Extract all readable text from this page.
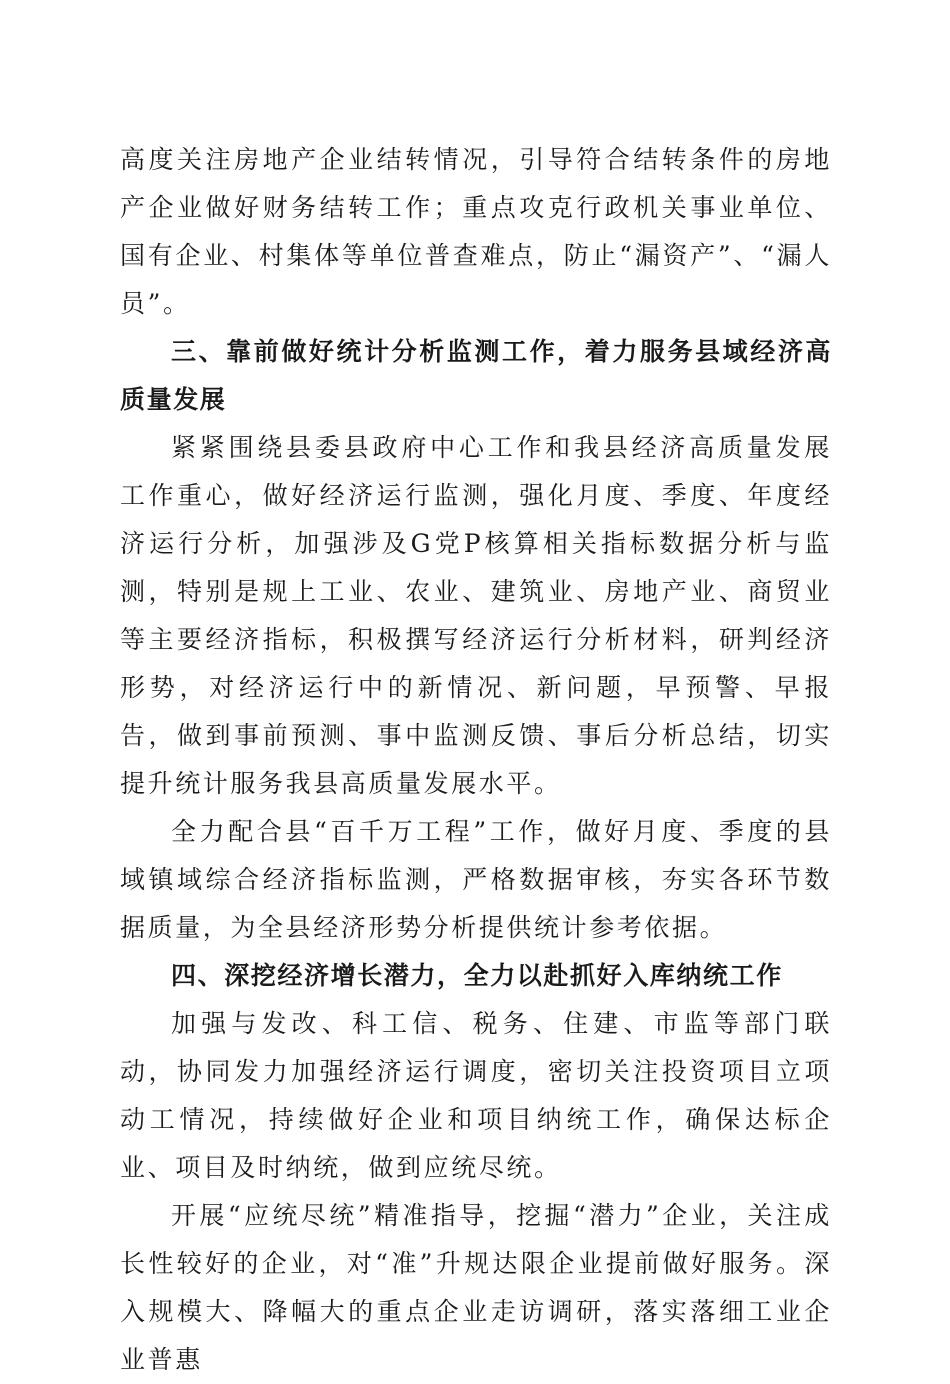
高度关注房地产企业结转情况，引导符合结转条件的房地产企业做好财务结转工作；重点攻克行政机关事业单位、国有企业、村集体等单位普查难点，防止“漏资产”、“漏人员”。

三、靠前做好统计分析监测工作，着力服务县域经济高质量发展

紧紧围绕县委县政府中心工作和我县经济高质量发展工作重心，做好经济运行监测，强化月度、季度、年度经济运行分析，加强涉及G党P核算相关指标数据分析与监测，特别是规上工业、农业、建筑业、房地产业、商贸业等主要经济指标，积极撰写经济运行分析材料，研判经济形势，对经济运行中的新情况、新问题，早预警、早报告，做到事前预测、事中监测反馈、事后分析总结，切实提升统计服务我县高质量发展水平。

全力配合县“百千万工程”工作，做好月度、季度的县域镇域综合经济指标监测，严格数据审核，夯实各环节数据质量，为全县经济形势分析提供统计参考依据。

四、深挖经济增长潜力，全力以赴抓好入库纳统工作

加强与发改、科工信、税务、住建、市监等部门联动，协同发力加强经济运行调度，密切关注投资项目立项动工情况，持续做好企业和项目纳统工作，确保达标企业、项目及时纳统，做到应统尽统。

开展“应统尽统”精准指导，挖掘“潜力”企业，关注成长性较好的企业，对“准”升规达限企业提前做好服务。深入规模大、降幅大的重点企业走访调研，落实落细工业企业普惠
